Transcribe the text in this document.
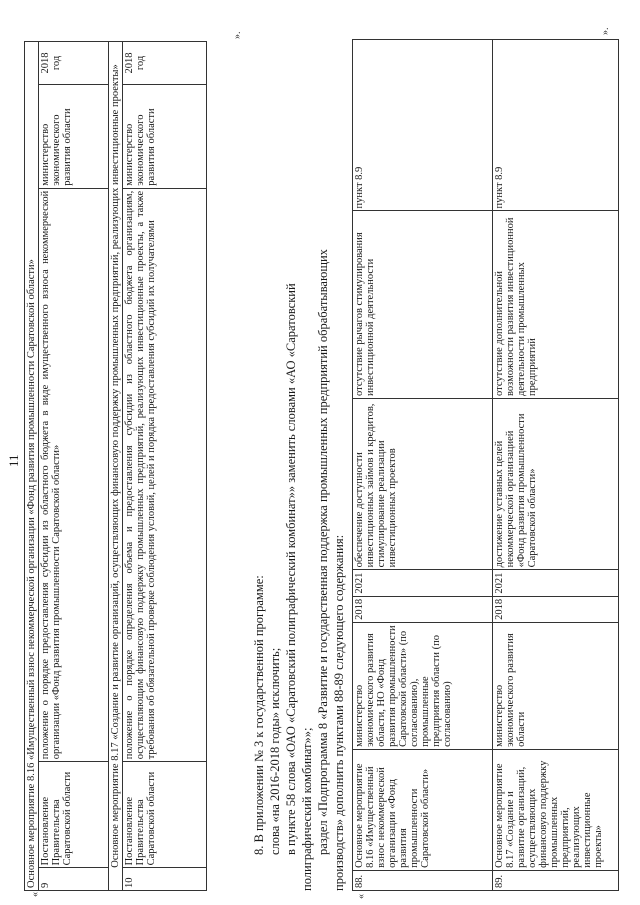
11
«
Основное мероприятие 8.16 «Имущественный взнос некоммерческой организации «Фонд развития промышленности Саратовской области»				
9	Постановление Правительства Саратовской области	положение о порядке предоставления субсидии из областного бюджета в виде имущественного взноса некоммерческой организации «Фонд развития промышленности Саратовской области»	министерство экономического развития области	2018 год
Основное мероприятие 8.17 «Создание и развитие организаций, осуществляющих финансовую поддержку промышленных предприятий, реализующих инвестиционные проекты»				
10	Постановление Правительства Саратовской области	положение о порядке определения объема и предоставления субсидии из областного бюджета организациям, осуществляющим финансовую поддержку промышленных предприятий, реализующих инвестиционные проекты, а также требования об обязательной проверке соблюдения условий, целей и порядка предоставления субсидий их получателями	министерство экономического развития области	2018 год
».
8. В приложении № 3 к государственной программе: слова «на 2016-2018 годы» исключить; в пункте 58 слова «ОАО «Саратовский полиграфический комбинат»» заменить словами «АО «Саратовский полиграфический комбинат»»; раздел «Подпрограмма 8 «Развитие и государственная поддержка промышленных предприятий обрабатывающих производств» дополнить пунктами 88-89 следующего содержания:
«
88.	Основное мероприятие 8.16 «Имущественный взнос некоммерческой организации «Фонд развития промышленности Саратовской области»	министерство экономического развития области, НО «Фонд развития промышленности Саратовской области» (по согласованию), промышленные предприятия области (по согласованию)	2018	2021	обеспечение доступности инвестиционных займов и кредитов, стимулирование реализации инвестиционных проектов	отсутствие рычагов стимулирования инвестиционной деятельности	пункт 8.9
89.	Основное мероприятие 8.17 «Создание и развитие организаций, осуществляющих финансовую поддержку промышленных предприятий, реализующих инвестиционные проекты»	министерство экономического развития области	2018	2021	достижение уставных целей некоммерческой организацией «Фонд развития промышленности Саратовской области»	отсутствие дополнительной возможности развития инвестиционной деятельности промышленных предприятий	пункт 8.9
».
